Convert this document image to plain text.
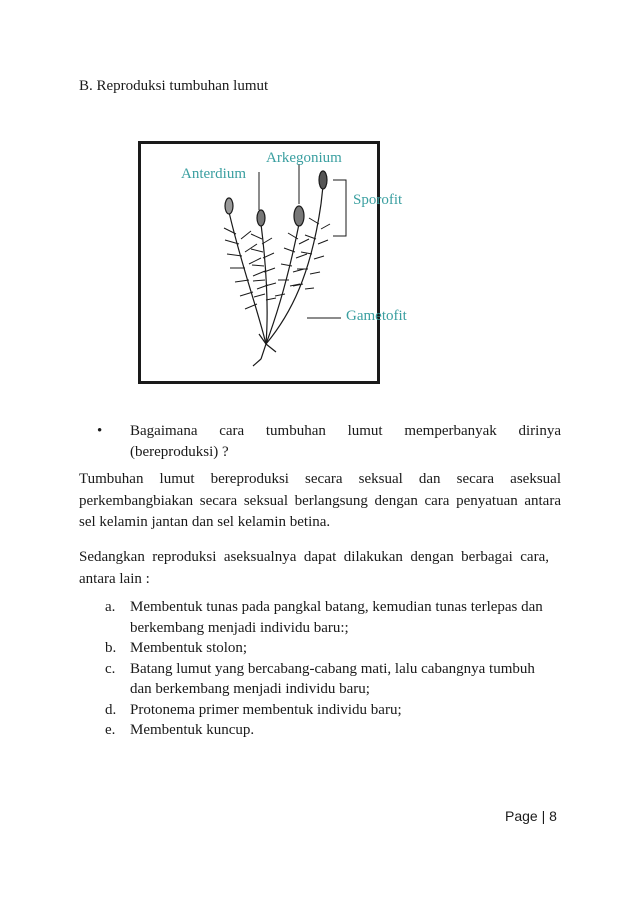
B. Reproduksi tumbuhan lumut
Anterdium
Arkegonium
Sporofit
Gametofit
• Bagaimana cara tumbuhan lumut memperbanyak dirinya (bereproduksi) ?
Tumbuhan lumut bereproduksi secara seksual dan secara aseksual perkembangbiakan secara seksual berlangsung dengan cara penyatuan antara sel kelamin jantan dan sel kelamin betina.
Sedangkan reproduksi aseksualnya dapat dilakukan dengan berbagai cara, antara lain :
a. Membentuk tunas pada pangkal batang, kemudian tunas terlepas dan berkembang menjadi individu baru:;
b. Membentuk stolon;
c. Batang lumut yang bercabang-cabang mati, lalu cabangnya tumbuh dan berkembang menjadi individu baru;
d. Protonema primer membentuk individu baru;
e. Membentuk kuncup.
Page | 8
